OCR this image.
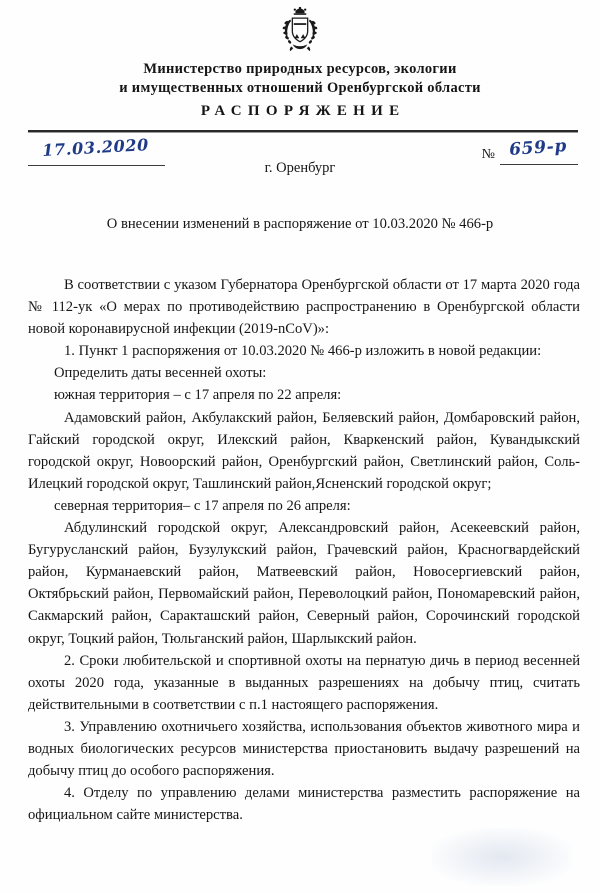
Министерство природных ресурсов, экологии
и имущественных отношений Оренбургской области
РАСПОРЯЖЕНИЕ
17.03.2020	№ 659-р
г. Оренбург
О внесении изменений в распоряжение от 10.03.2020 № 466-р

В соответствии с указом Губернатора Оренбургской области от 17 марта 2020 года № 112-ук «О мерах по противодействию распространению в Оренбургской области новой коронавирусной инфекции (2019-nCoV)»:

1. Пункт 1 распоряжения от 10.03.2020 № 466-р изложить в новой редакции:

Определить даты весенней охоты:

южная территория – с 17 апреля по 22 апреля:

Адамовский район, Акбулакский район, Беляевский район, Домбаровский район, Гайский городской округ, Илекский район, Кваркенский район, Кувандыкский городской округ, Новоорский район, Оренбургский район, Светлинский район, Соль-Илецкий городской округ, Ташлинский район,Ясненский городской округ;

северная территория– с 17 апреля по 26 апреля:

Абдулинский городской округ, Александровский район, Асекеевский район, Бугурусланский район, Бузулукский район, Грачевский район, Красногвардейский район, Курманаевский район, Матвеевский район, Новосергиевский район, Октябрьский район, Первомайский район, Переволоцкий район, Пономаревский район, Сакмарский район, Саракташский район, Северный район, Сорочинский городской округ, Тоцкий район, Тюльганский район, Шарлыкский район.

2. Сроки любительской и спортивной охоты на пернатую дичь в период весенней охоты 2020 года, указанные в выданных разрешениях на добычу птиц, считать действительными в соответствии с п.1 настоящего распоряжения.

3. Управлению охотничьего хозяйства, использования объектов животного мира и водных биологических ресурсов министерства приостановить выдачу разрешений на добычу птиц до особого распоряжения.

4. Отделу по управлению делами министерства разместить распоряжение на официальном сайте министерства.
